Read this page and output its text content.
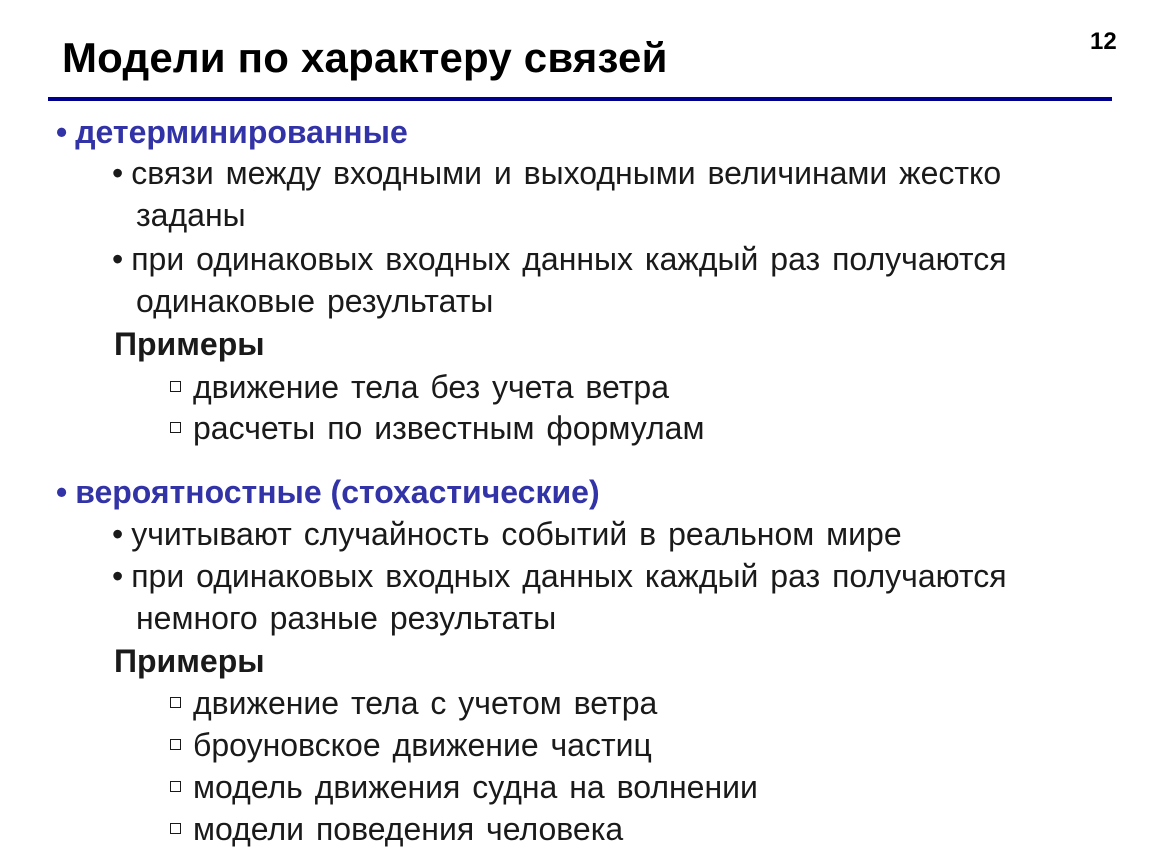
Модели по характеру связей	12
• детерминированные
• связи между входными и выходными величинами жестко
заданы
• при одинаковых входных данных каждый раз получаются
одинаковые результаты
Примеры
движение тела без учета ветра
расчеты по известным формулам
• вероятностные (стохастические)
• учитывают случайность событий в реальном мире
• при одинаковых входных данных каждый раз получаются
немного разные результаты
Примеры
движение тела с учетом ветра
броуновское движение частиц
модель движения судна на волнении
модели поведения человека
